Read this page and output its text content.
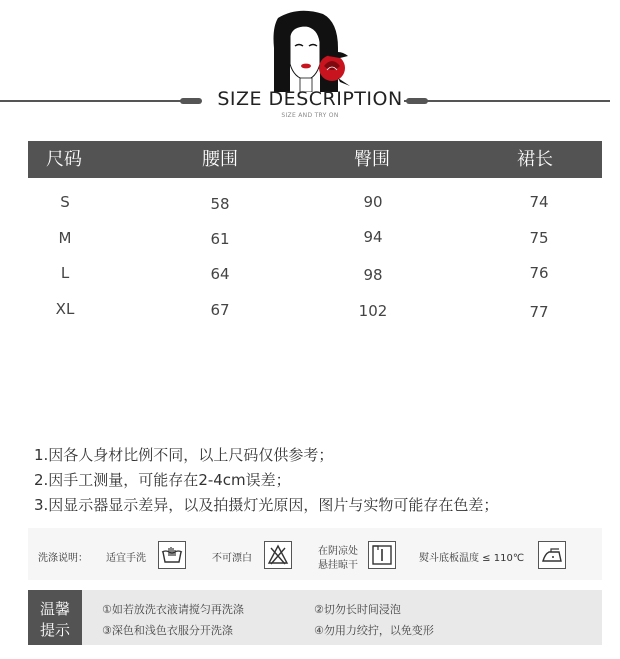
SIZE DESCRIPTION
SIZE AND TRY ON
尺码	腰围	臀围	裙长
S	58	90	74
M	61	94	75
L	64	98	76
XL	67	102	77
1.因各人身材比例不同，以上尺码仅供参考；
2.因手工测量，可能存在2-4cm误差；
3.因显示器显示差异，以及拍摄灯光原因，图片与实物可能存在色差；
洗涤说明： 适宜手洗	不可漂白
在阴凉处
悬挂晾干
熨斗底板温度 ≤ 110℃
温馨
提示
①如若放洗衣液请搅匀再洗涤	②切勿长时间浸泡
③深色和浅色衣服分开洗涤	④勿用力绞拧，以免变形
